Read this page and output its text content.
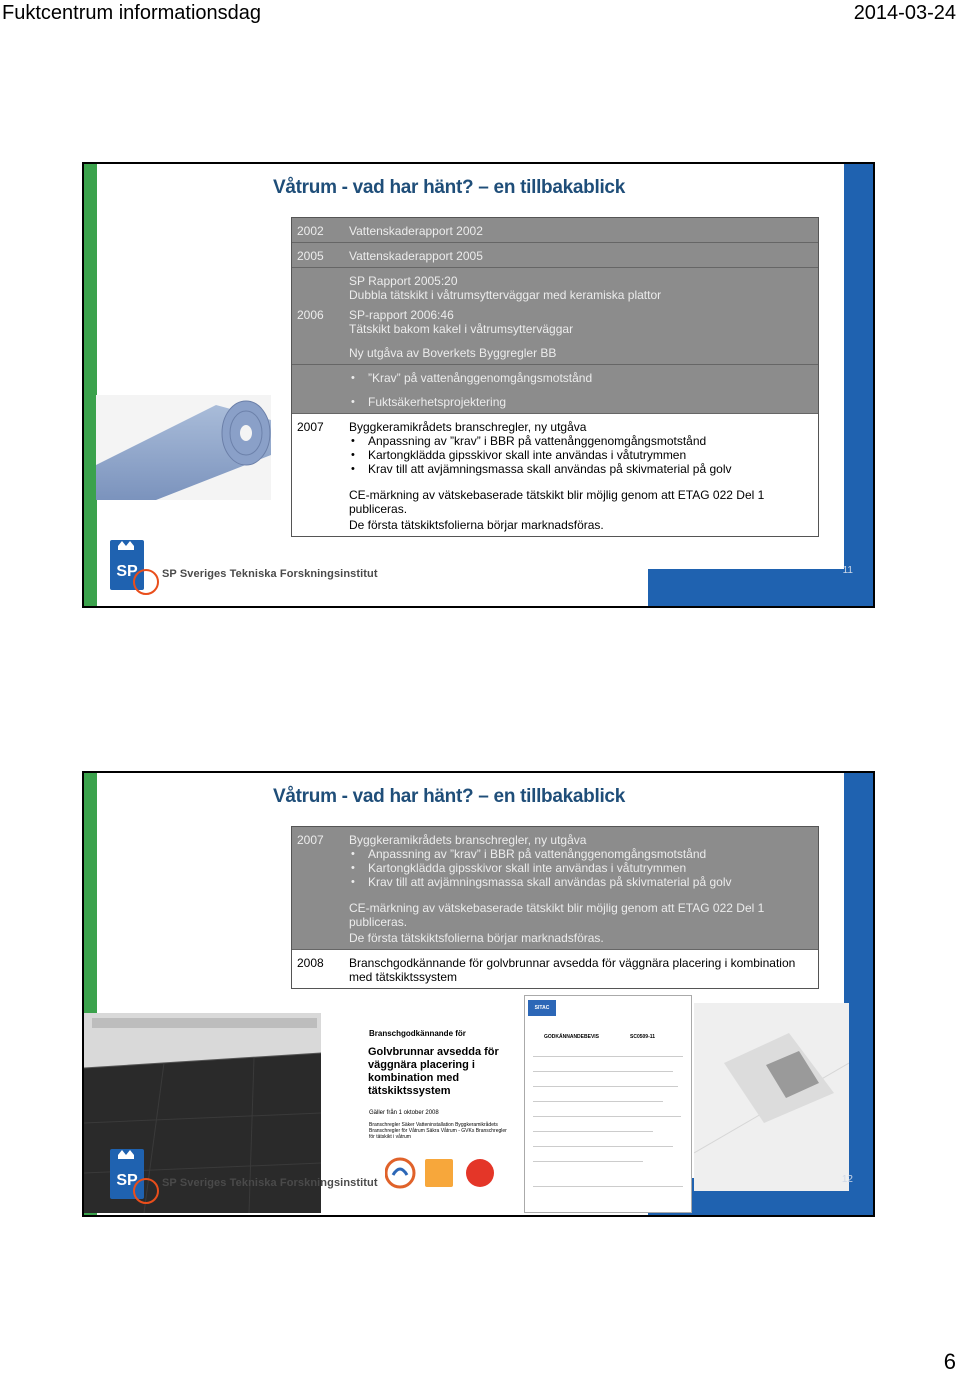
Fuktcentrum informationsdag	2014-03-24
Våtrum - vad har hänt? – en tillbakablick
2002	Vattenskaderapport 2002
2005	Vattenskaderapport 2005
SP Rapport 2005:20
Dubbla tätskikt i våtrumsytterväggar med keramiska plattor
2006	SP-rapport 2006:46
Tätskikt bakom kakel i våtrumsytterväggar
Ny utgåva av Boverkets Byggregler BB
• ”Krav” på vattenånggenomgångsmotstånd
• Fuktsäkerhetsprojektering
2007	Byggkeramikrådets branschregler, ny utgåva
• Anpassning av ”krav” i BBR på vattenånggenomgångsmotstånd
• Kartongklädda gipsskivor skall inte användas i våtutrymmen
• Krav till att avjämningsmassa skall användas på skivmaterial på golv
CE-märkning av vätskebaserade tätskikt blir möjlig genom att ETAG 022 Del 1 publiceras.
De första tätskiktsfolierna börjar marknadsföras.
SP SP Sveriges Tekniska Forskningsinstitut	11
Våtrum - vad har hänt? – en tillbakablick
2007	Byggkeramikrådets branschregler, ny utgåva
• Anpassning av ”krav” i BBR på vattenånggenomgångsmotstånd
• Kartongklädda gipsskivor skall inte användas i våtutrymmen
• Krav till att avjämningsmassa skall användas på skivmaterial på golv
CE-märkning av vätskebaserade tätskikt blir möjlig genom att ETAG 022 Del 1 publiceras.
De första tätskiktsfolierna börjar marknadsföras.
2008	Branschgodkännande för golvbrunnar avsedda för väggnära placering i kombination med tätskiktssystem
Branschgodkännande för
Golvbrunnar avsedda för väggnära placering i kombination med tätskiktssystem
Gäller från 1 oktober 2008
Branschregler Säker Vatteninstallation Byggkeramikrådets Branschregler för Våtrum Säkra Våtrum - GVKs Branschregler för tätskikt i våtrum
SITAC
GODKÄNNANDEBEVIS	SC0509-11
SP SP Sveriges Tekniska Forskningsinstitut	12
6
